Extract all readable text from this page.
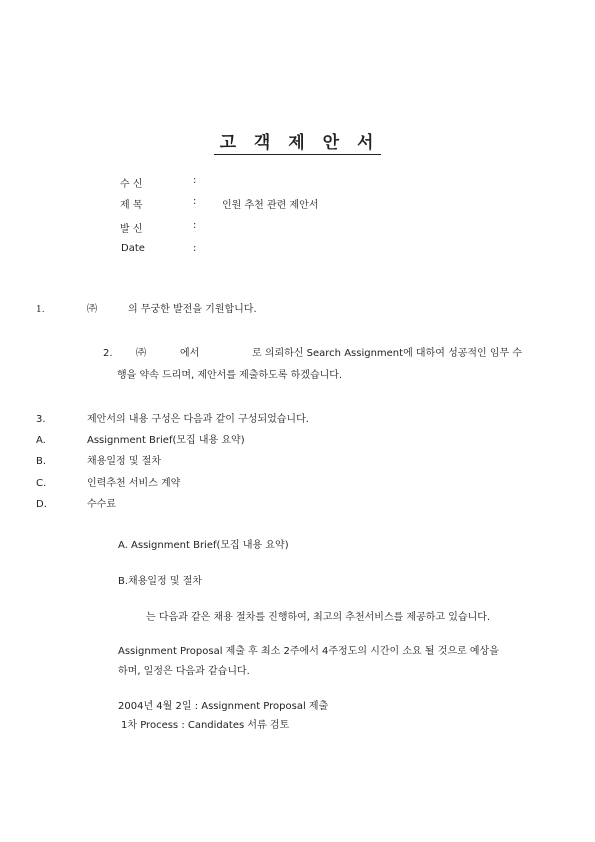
고 객 제 안 서
수 신	:
제 목	:	인원 추천 관련 제안서
발 신	:
Date	:
1.	㈜	의 무궁한 발전을 기원합니다.
2. ㈜	에서	로 의뢰하신 Search Assignment에 대하여 성공적인 임무 수
행을 약속 드리며, 제안서를 제출하도록 하겠습니다.
3.	제안서의 내용 구성은 다음과 같이 구성되었습니다.
A.	Assignment Brief(모집 내용 요약)
B.	채용일정 및 절차
C.	인력추천 서비스 계약
D.	수수료
A. Assignment Brief(모집 내용 요약)
B.채용일정 및 절차
는 다음과 같은 채용 절차를 진행하여, 최고의 추천서비스를 제공하고 있습니다.
Assignment Proposal 제출 후 최소 2주에서 4주정도의 시간이 소요 될 것으로 예상을
하며, 일정은 다음과 같습니다.
2004년 4월 2일 : Assignment Proposal 제출
1차 Process : Candidates 서류 검토
